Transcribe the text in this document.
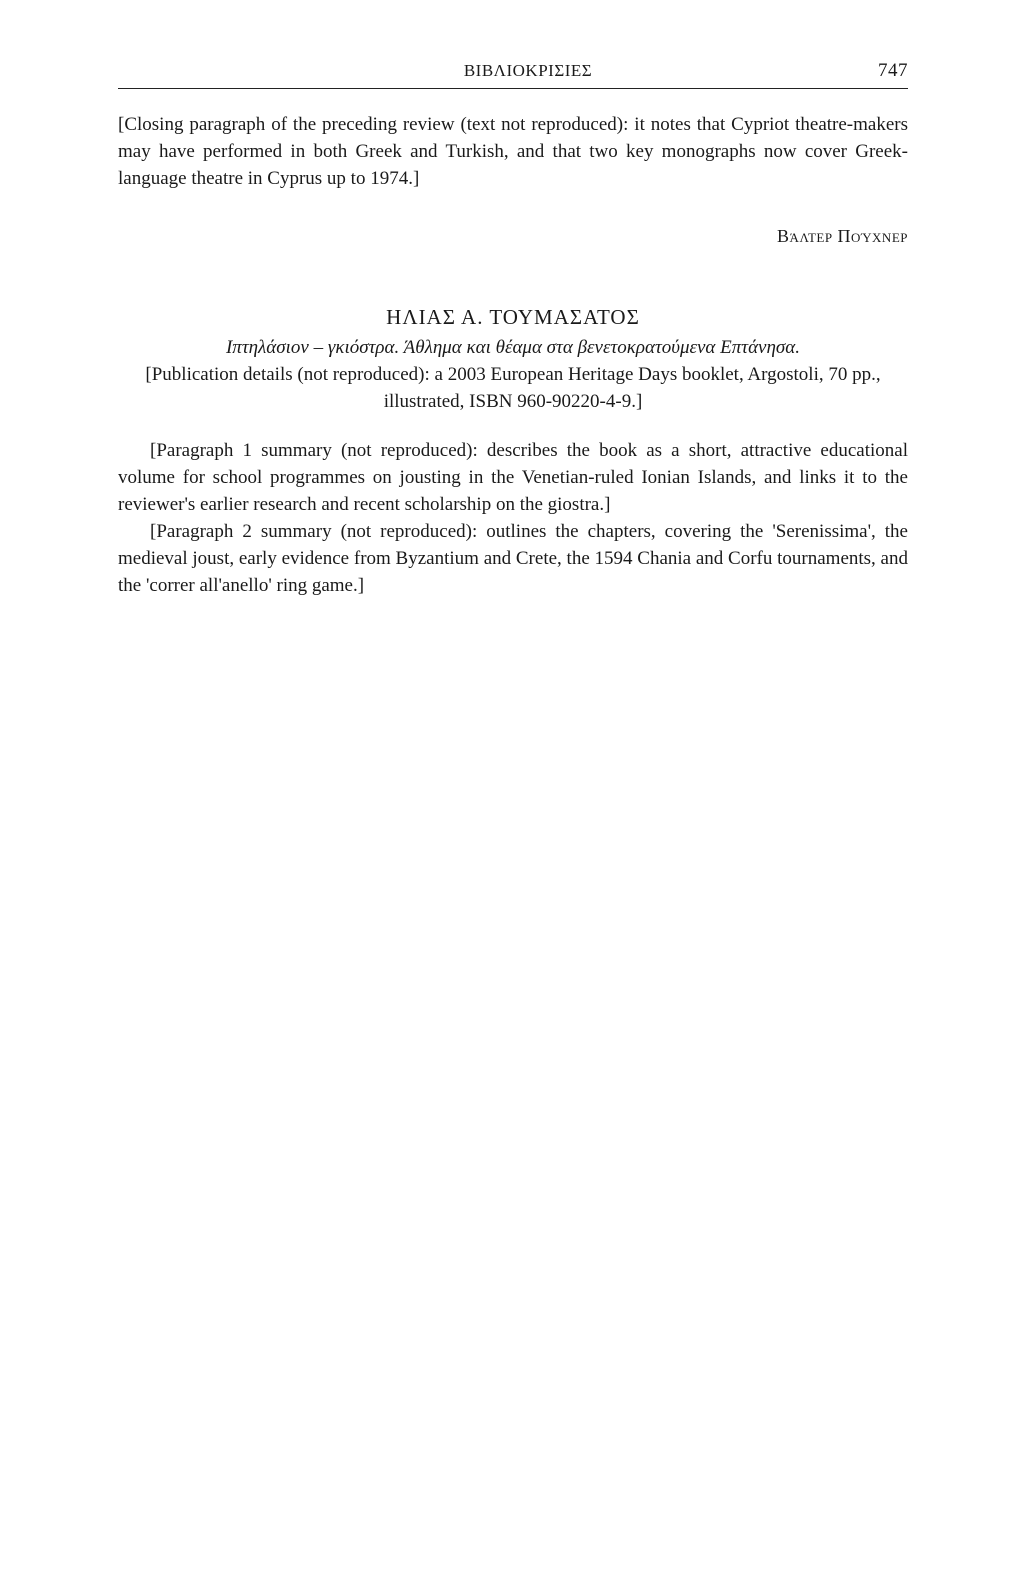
ΒΙΒΛΙΟΚΡΙΣΙΕΣ	747

[Closing paragraph of the preceding review (text not reproduced): it notes that Cypriot theatre-makers may have performed in both Greek and Turkish, and that two key monographs now cover Greek-language theatre in Cyprus up to 1974.]

Βάλτερ Πούχνερ
ΗΛΙΑΣ Α. ΤΟΥΜΑΣΑΤΟΣ
Ιπτηλάσιον – γκιόστρα. Άθλημα και θέαμα στα βενετοκρατούμενα Επτάνησα.
[Publication details (not reproduced): a 2003 European Heritage Days booklet, Argostoli, 70 pp., illustrated, ISBN 960-90220-4-9.]

[Paragraph 1 summary (not reproduced): describes the book as a short, attractive educational volume for school programmes on jousting in the Venetian-ruled Ionian Islands, and links it to the reviewer's earlier research and recent scholarship on the giostra.]

[Paragraph 2 summary (not reproduced): outlines the chapters, covering the 'Serenissima', the medieval joust, early evidence from Byzantium and Crete, the 1594 Chania and Corfu tournaments, and the 'correr all'anello' ring game.]
